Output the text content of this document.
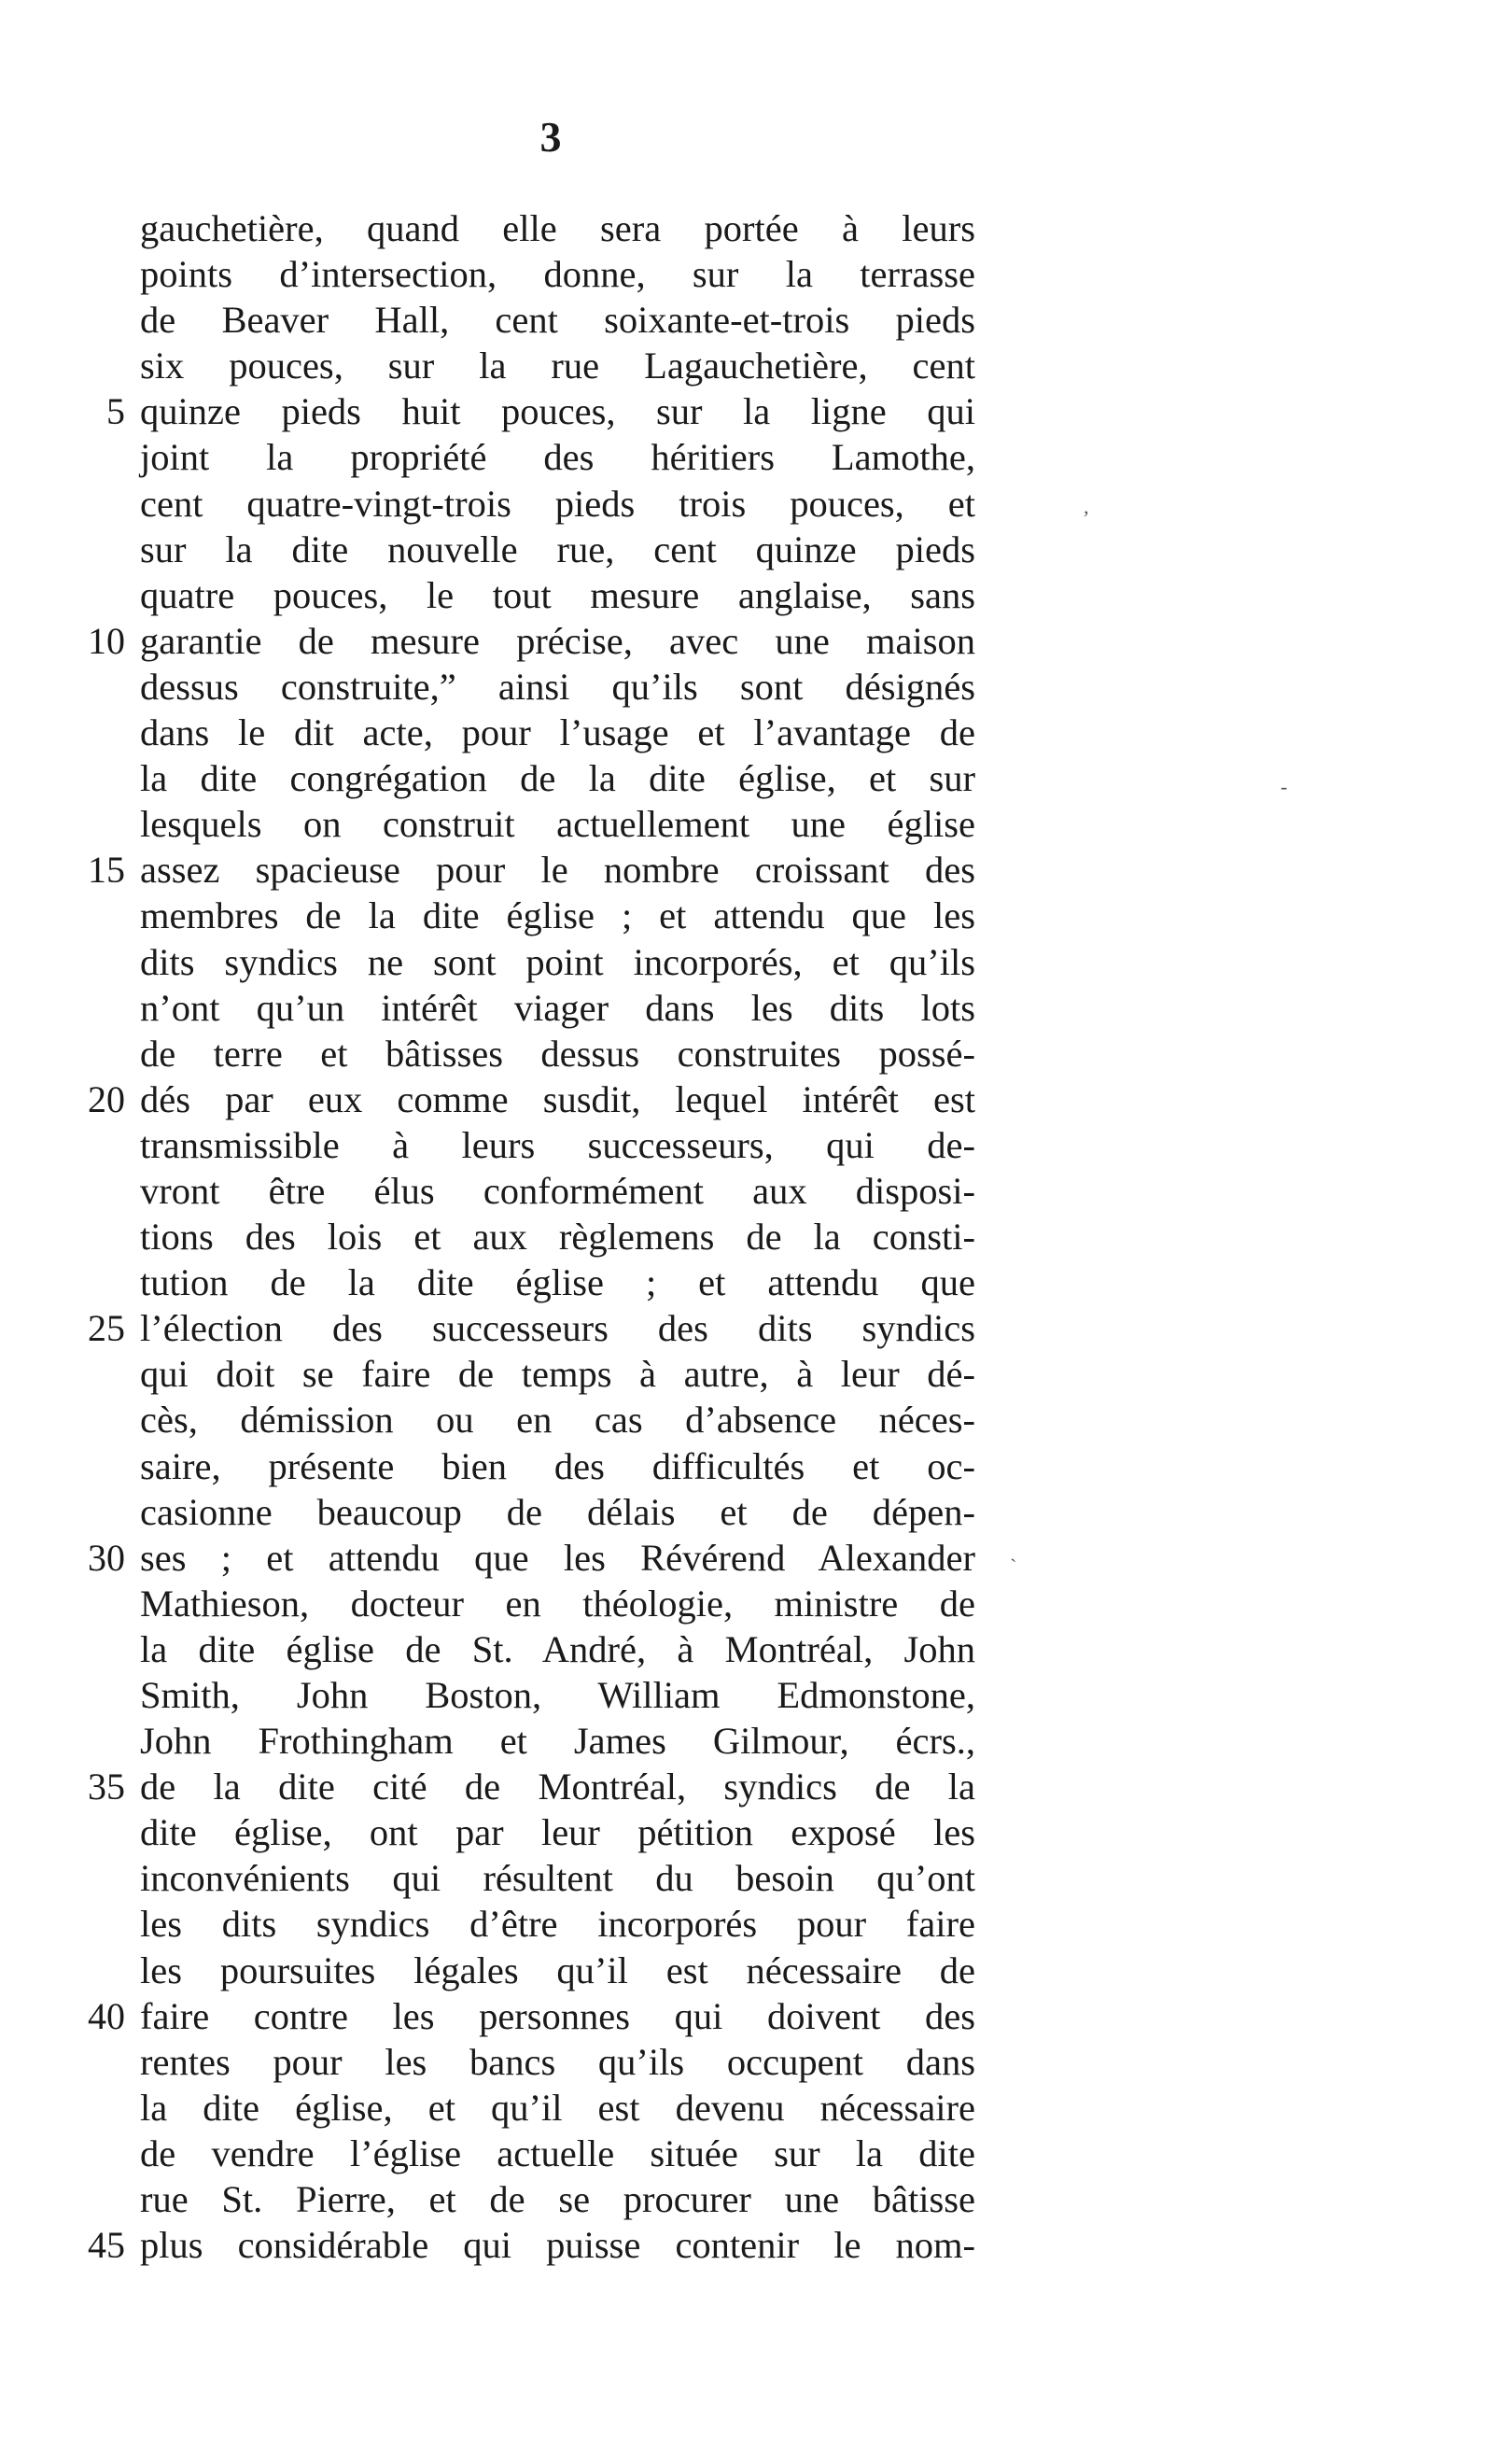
3
gauchetière, quand elle sera portée à leurs
points d’intersection, donne, sur la terrasse
de Beaver Hall, cent soixante-et-trois pieds
six pouces, sur la rue Lagauchetière, cent
5 quinze pieds huit pouces, sur la ligne qui
joint la propriété des héritiers Lamothe,
cent quatre-vingt-trois pieds trois pouces, et
sur la dite nouvelle rue, cent quinze pieds
quatre pouces, le tout mesure anglaise, sans
10 garantie de mesure précise, avec une maison
dessus construite,” ainsi qu’ils sont désignés
dans le dit acte, pour l’usage et l’avantage de
la dite congrégation de la dite église, et sur
lesquels on construit actuellement une église
15 assez spacieuse pour le nombre croissant des
membres de la dite église ; et attendu que les
dits syndics ne sont point incorporés, et qu’ils
n’ont qu’un intérêt viager dans les dits lots
de terre et bâtisses dessus construites possé-
20 dés par eux comme susdit, lequel intérêt est
transmissible à leurs successeurs, qui de-
vront être élus conformément aux disposi-
tions des lois et aux règlemens de la consti-
tution de la dite église ; et attendu que
25 l’élection des successeurs des dits syndics
qui doit se faire de temps à autre, à leur dé-
cès, démission ou en cas d’absence néces-
saire, présente bien des difficultés et oc-
casionne beaucoup de délais et de dépen-
30 ses ; et attendu que les Révérend Alexander
Mathieson, docteur en théologie, ministre de
la dite église de St. André, à Montréal, John
Smith, John Boston, William Edmonstone,
John Frothingham et James Gilmour, écrs.,
35 de la dite cité de Montréal, syndics de la
dite église, ont par leur pétition exposé les
inconvénients qui résultent du besoin qu’ont
les dits syndics d’être incorporés pour faire
les poursuites légales qu’il est nécessaire de
40 faire contre les personnes qui doivent des
rentes pour les bancs qu’ils occupent dans
la dite église, et qu’il est devenu nécessaire
de vendre l’église actuelle située sur la dite
rue St. Pierre, et de se procurer une bâtisse
45 plus considérable qui puisse contenir le nom-
‚
-
`
